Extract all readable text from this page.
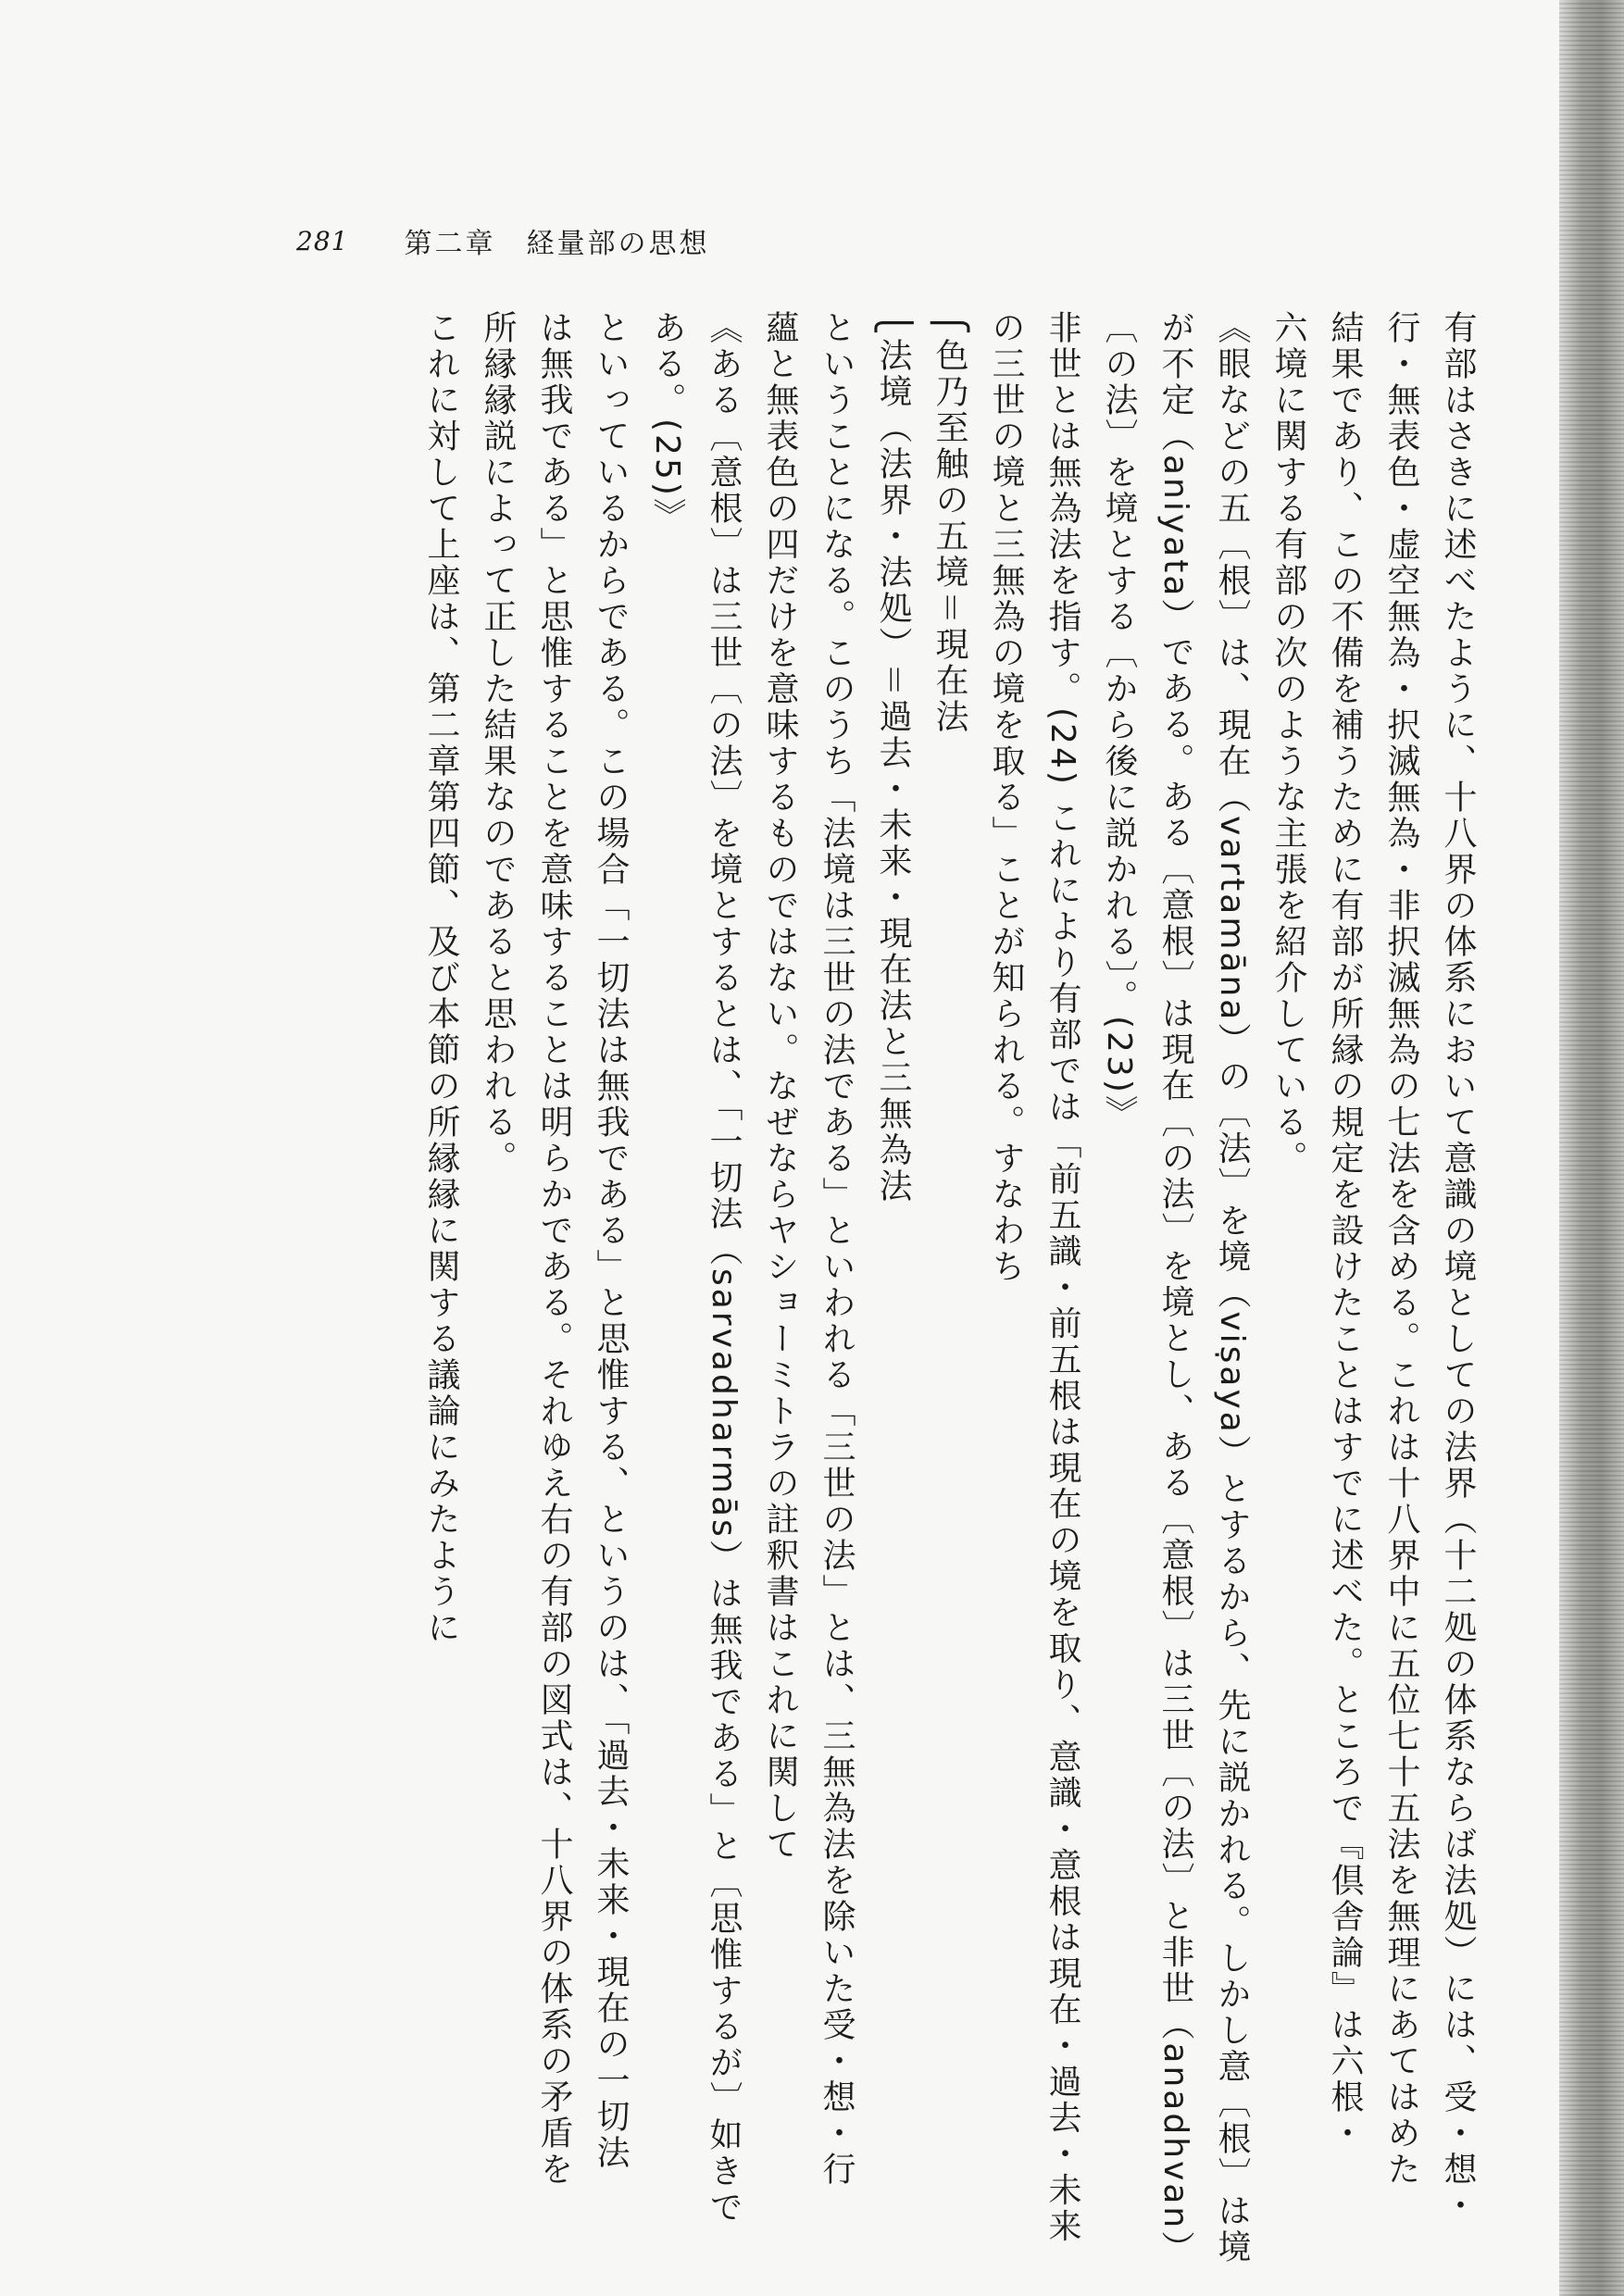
281 第二章　経量部の思想
有部はさきに述べたように、十八界の体系において意識の境としての法界（十二処の体系ならば法処）には、受・想・
行・無表色・虚空無為・択滅無為・非択滅無為の七法を含める。これは十八界中に五位七十五法を無理にあてはめた
結果であり、この不備を補うために有部が所縁の規定を設けたことはすでに述べた。ところで『倶舎論』は六根・
六境に関する有部の次のような主張を紹介している。
《眼などの五〔根〕は、現在（vartamāna）の〔法〕を境（viṣaya）とするから、先に説かれる。しかし意〔根〕は境
が不定（aniyata）である。ある〔意根〕は現在〔の法〕を境とし、ある〔意根〕は三世〔の法〕と非世（anadhvan）
〔の法〕を境とする〔から後に説かれる〕。(23)》
非世とは無為法を指す。(24) これにより有部では「前五識・前五根は現在の境を取り、意識・意根は現在・過去・未来
の三世の境と三無為の境を取る」ことが知られる。すなわち
⎧色乃至触の五境＝現在法
⎩法境（法界・法処）＝過去・未来・現在法と三無為法
ということになる。このうち「法境は三世の法である」といわれる「三世の法」とは、三無為法を除いた受・想・行
蘊と無表色の四だけを意味するものではない。なぜならヤショーミトラの註釈書はこれに関して
《ある〔意根〕は三世〔の法〕を境とするとは、「一切法（sarvadharmās）は無我である」と〔思惟するが〕如きで
ある。(25)》
といっているからである。この場合「一切法は無我である」と思惟する、というのは、「過去・未来・現在の一切法
は無我である」と思惟することを意味することは明らかである。それゆえ右の有部の図式は、十八界の体系の矛盾を
所縁縁説によって正した結果なのであると思われる。
これに対して上座は、第二章第四節、及び本節の所縁縁に関する議論にみたように
